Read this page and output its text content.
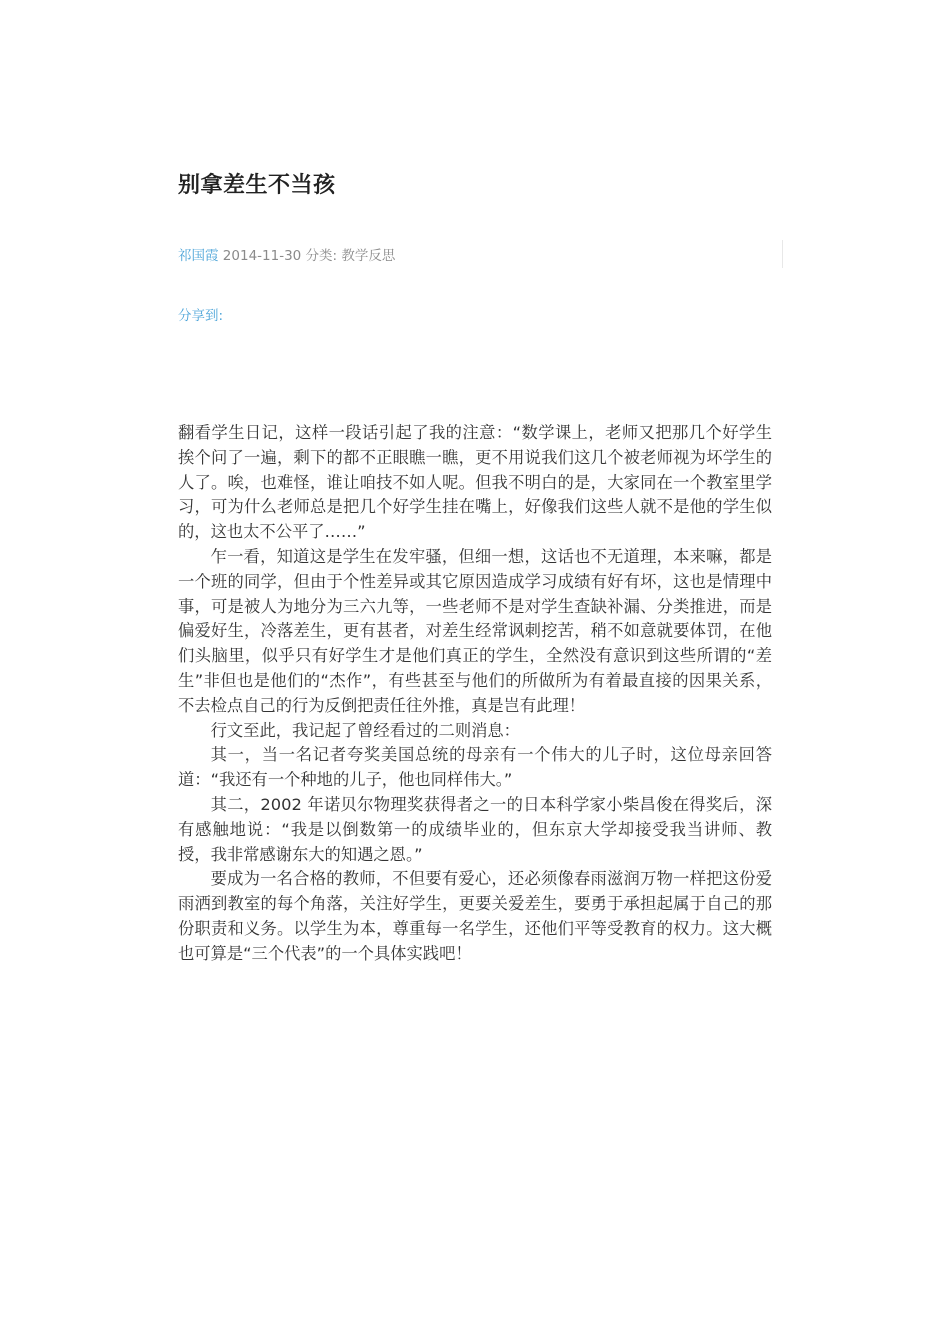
别拿差生不当孩
祁国霞 2014-11-30 分类: 教学反思
分享到:

翻看学生日记，这样一段话引起了我的注意：“数学课上，老师又把那几个好学生挨个问了一遍，剩下的都不正眼瞧一瞧，更不用说我们这几个被老师视为坏学生的人了。唉，也难怪，谁让咱技不如人呢。但我不明白的是，大家同在一个教室里学习，可为什么老师总是把几个好学生挂在嘴上，好像我们这些人就不是他的学生似的，这也太不公平了……”

乍一看，知道这是学生在发牢骚，但细一想，这话也不无道理，本来嘛，都是一个班的同学，但由于个性差异或其它原因造成学习成绩有好有坏，这也是情理中事，可是被人为地分为三六九等，一些老师不是对学生查缺补漏、分类推进，而是偏爱好生，冷落差生，更有甚者，对差生经常讽刺挖苦，稍不如意就要体罚，在他们头脑里，似乎只有好学生才是他们真正的学生，全然没有意识到这些所谓的“差生”非但也是他们的“杰作”，有些甚至与他们的所做所为有着最直接的因果关系，不去检点自己的行为反倒把责任往外推，真是岂有此理！

行文至此，我记起了曾经看过的二则消息：

其一，当一名记者夸奖美国总统的母亲有一个伟大的儿子时，这位母亲回答道：“我还有一个种地的儿子，他也同样伟大。”

其二，2002 年诺贝尔物理奖获得者之一的日本科学家小柴昌俊在得奖后，深有感触地说：“我是以倒数第一的成绩毕业的，但东京大学却接受我当讲师、教授，我非常感谢东大的知遇之恩。”

要成为一名合格的教师，不但要有爱心，还必须像春雨滋润万物一样把这份爱雨洒到教室的每个角落，关注好学生，更要关爱差生，要勇于承担起属于自己的那份职责和义务。以学生为本，尊重每一名学生，还他们平等受教育的权力。这大概也可算是“三个代表”的一个具体实践吧！
